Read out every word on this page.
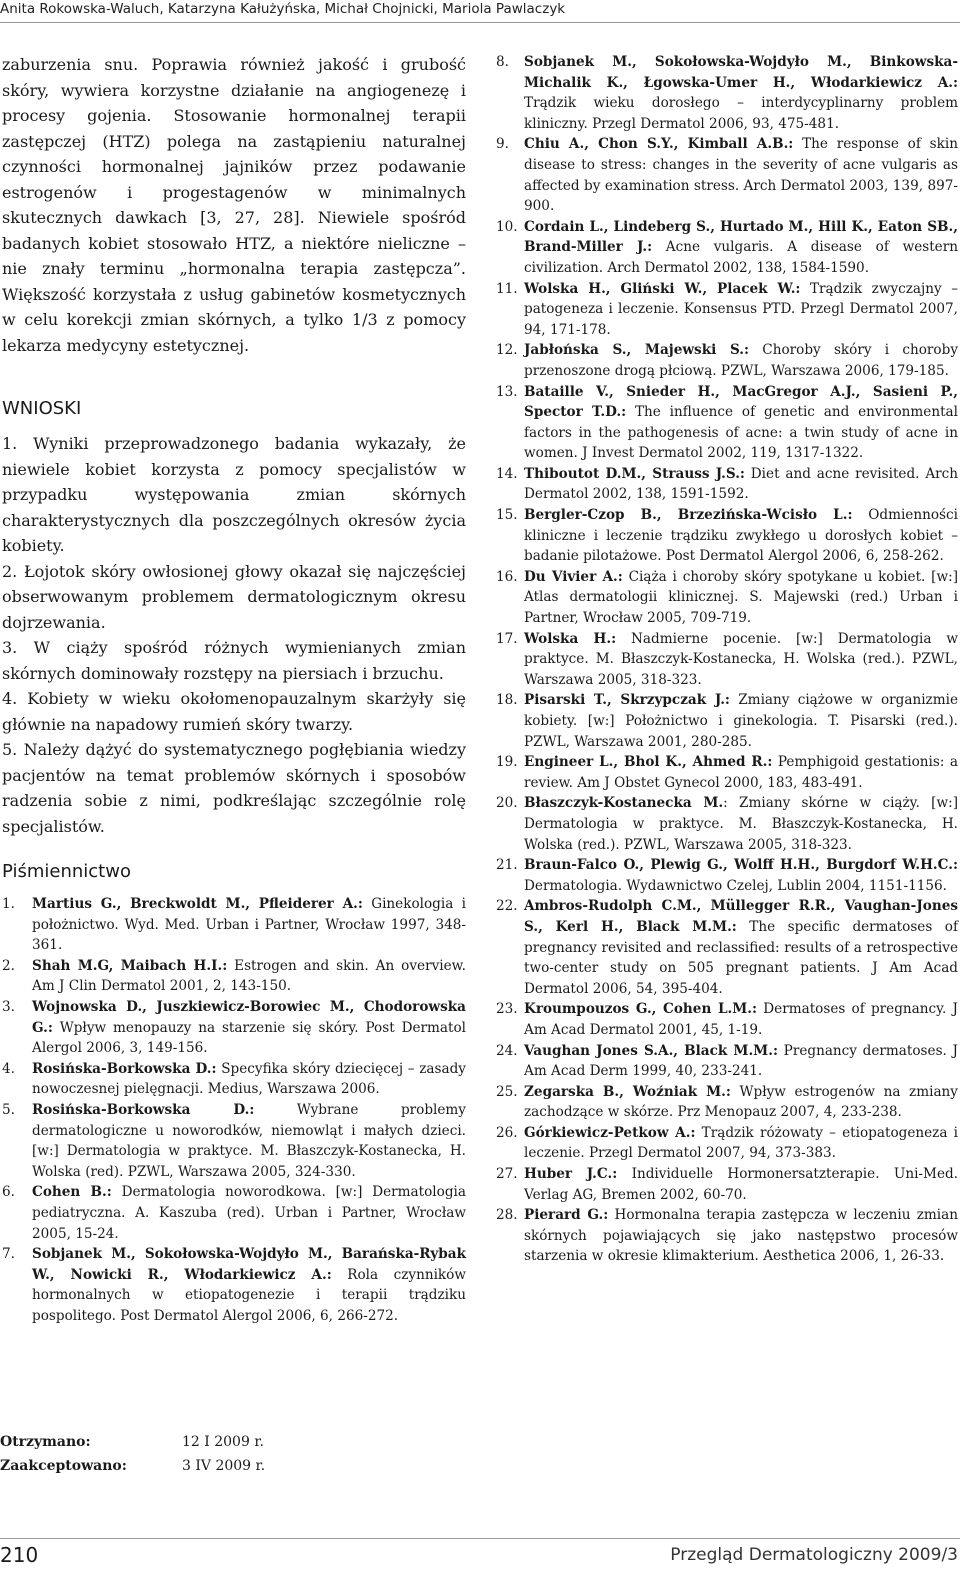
Anita Rokowska-Waluch, Katarzyna Kałużyńska, Michał Chojnicki, Mariola Pawlaczyk

zaburzenia snu. Poprawia również jakość i grubość skóry, wywiera korzystne działanie na angiogenezę i procesy gojenia. Stosowanie hormonalnej terapii zastępczej (HTZ) polega na zastąpieniu naturalnej czynności hormonalnej jajników przez podawanie estrogenów i progestagenów w minimalnych skutecznych dawkach [3, 27, 28]. Niewiele spośród badanych kobiet stosowało HTZ, a niektóre nieliczne – nie znały terminu „hormonalna terapia zastępcza”. Większość korzystała z usług gabinetów kosmetycznych w celu korekcji zmian skórnych, a tylko 1/3 z pomocy lekarza medycyny estetycznej.

WNIOSKI

1. Wyniki przeprowadzonego badania wykazały, że niewiele kobiet korzysta z pomocy specjalistów w przypadku występowania zmian skórnych charakterystycznych dla poszczególnych okresów życia kobiety.

2. Łojotok skóry owłosionej głowy okazał się najczęściej obserwowanym problemem dermatologicznym okresu dojrzewania.

3. W ciąży spośród różnych wymienianych zmian skórnych dominowały rozstępy na piersiach i brzuchu.

4. Kobiety w wieku okołomenopauzalnym skarżyły się głównie na napadowy rumień skóry twarzy.

5. Należy dążyć do systematycznego pogłębiania wiedzy pacjentów na temat problemów skórnych i sposobów radzenia sobie z nimi, podkreślając szczególnie rolę specjalistów.

Piśmiennictwo
1.	Martius G., Breckwoldt M., Pfleiderer A.: Ginekologia i położnictwo. Wyd. Med. Urban i Partner, Wrocław 1997, 348-361.
2.	Shah M.G, Maibach H.I.: Estrogen and skin. An overview. Am J Clin Dermatol 2001, 2, 143-150.
3.	Wojnowska D., Juszkiewicz-Borowiec M., Chodorowska G.: Wpływ menopauzy na starzenie się skóry. Post Dermatol Alergol 2006, 3, 149-156.
4.	Rosińska-Borkowska D.: Specyfika skóry dziecięcej – zasady nowoczesnej pielęgnacji. Medius, Warszawa 2006.
5.	Rosińska-Borkowska D.: Wybrane problemy dermatologiczne u noworodków, niemowląt i małych dzieci. [w:] Dermatologia w praktyce. M. Błaszczyk-Kostanecka, H. Wolska (red). PZWL, Warszawa 2005, 324-330.
6.	Cohen B.: Dermatologia noworodkowa. [w:] Dermatologia pediatryczna. A. Kaszuba (red). Urban i Partner, Wrocław 2005, 15-24.
7.	Sobjanek M., Sokołowska-Wojdyło M., Barańska-Rybak W., Nowicki R., Włodarkiewicz A.: Rola czynników hormonalnych w etiopatogenezie i terapii trądziku pospolitego. Post Dermatol Alergol 2006, 6, 266-272.
8.	Sobjanek M., Sokołowska-Wojdyło M., Binkowska-Michalik K., Łgowska-Umer H., Włodarkiewicz A.: Trądzik wieku dorosłego – interdycyplinarny problem kliniczny. Przegl Dermatol 2006, 93, 475-481.
9.	Chiu A., Chon S.Y., Kimball A.B.: The response of skin disease to stress: changes in the severity of acne vulgaris as affected by examination stress. Arch Dermatol 2003, 139, 897-900.
10. Cordain L., Lindeberg S., Hurtado M., Hill K., Eaton SB., Brand-Miller J.: Acne vulgaris. A disease of western civilization. Arch Dermatol 2002, 138, 1584-1590.
11. Wolska H., Gliński W., Placek W.: Trądzik zwyczajny – patogeneza i leczenie. Konsensus PTD. Przegl Dermatol 2007, 94, 171-178.
12. Jabłońska S., Majewski S.: Choroby skóry i choroby przenoszone drogą płciową. PZWL, Warszawa 2006, 179-185.
13. Bataille V., Snieder H., MacGregor A.J., Sasieni P., Spector T.D.: The influence of genetic and environmental factors in the pathogenesis of acne: a twin study of acne in women. J Invest Dermatol 2002, 119, 1317-1322.
14. Thiboutot D.M., Strauss J.S.: Diet and acne revisited. Arch Dermatol 2002, 138, 1591-1592.
15. Bergler-Czop B., Brzezińska-Wcisło L.: Odmienności kliniczne i leczenie trądziku zwykłego u dorosłych kobiet – badanie pilotażowe. Post Dermatol Alergol 2006, 6, 258-262.
16. Du Vivier A.: Ciąża i choroby skóry spotykane u kobiet. [w:] Atlas dermatologii klinicznej. S. Majewski (red.) Urban i Partner, Wrocław 2005, 709-719.
17. Wolska H.: Nadmierne pocenie. [w:] Dermatologia w praktyce. M. Błaszczyk-Kostanecka, H. Wolska (red.). PZWL, Warszawa 2005, 318-323.
18. Pisarski T., Skrzypczak J.: Zmiany ciążowe w organizmie kobiety. [w:] Położnictwo i ginekologia. T. Pisarski (red.). PZWL, Warszawa 2001, 280-285.
19. Engineer L., Bhol K., Ahmed R.: Pemphigoid gestationis: a review. Am J Obstet Gynecol 2000, 183, 483-491.
20. Błaszczyk-Kostanecka M.: Zmiany skórne w ciąży. [w:] Dermatologia w praktyce. M. Błaszczyk-Kostanecka, H. Wolska (red.). PZWL, Warszawa 2005, 318-323.
21. Braun-Falco O., Plewig G., Wolff H.H., Burgdorf W.H.C.: Dermatologia. Wydawnictwo Czelej, Lublin 2004, 1151-1156.
22. Ambros-Rudolph C.M., Müllegger R.R., Vaughan-Jones S., Kerl H., Black M.M.: The specific dermatoses of pregnancy revisited and reclassified: results of a retrospective two-center study on 505 pregnant patients. J Am Acad Dermatol 2006, 54, 395-404.
23. Kroumpouzos G., Cohen L.M.: Dermatoses of pregnancy. J Am Acad Dermatol 2001, 45, 1-19.
24. Vaughan Jones S.A., Black M.M.: Pregnancy dermatoses. J Am Acad Derm 1999, 40, 233-241.
25. Zegarska B., Woźniak M.: Wpływ estrogenów na zmiany zachodzące w skórze. Prz Menopauz 2007, 4, 233-238.
26. Górkiewicz-Petkow A.: Trądzik różowaty – etiopatogeneza i leczenie. Przegl Dermatol 2007, 94, 373-383.
27. Huber J.C.: Individuelle Hormonersatzterapie. Uni-Med. Verlag AG, Bremen 2002, 60-70.
28. Pierard G.: Hormonalna terapia zastępcza w leczeniu zmian skórnych pojawiających się jako następstwo procesów starzenia w okresie klimakterium. Aesthetica 2006, 1, 26-33.
Otrzymano:	12 I 2009 r.
Zaakceptowano:	3 IV 2009 r.
210	Przegląd Dermatologiczny 2009/3
